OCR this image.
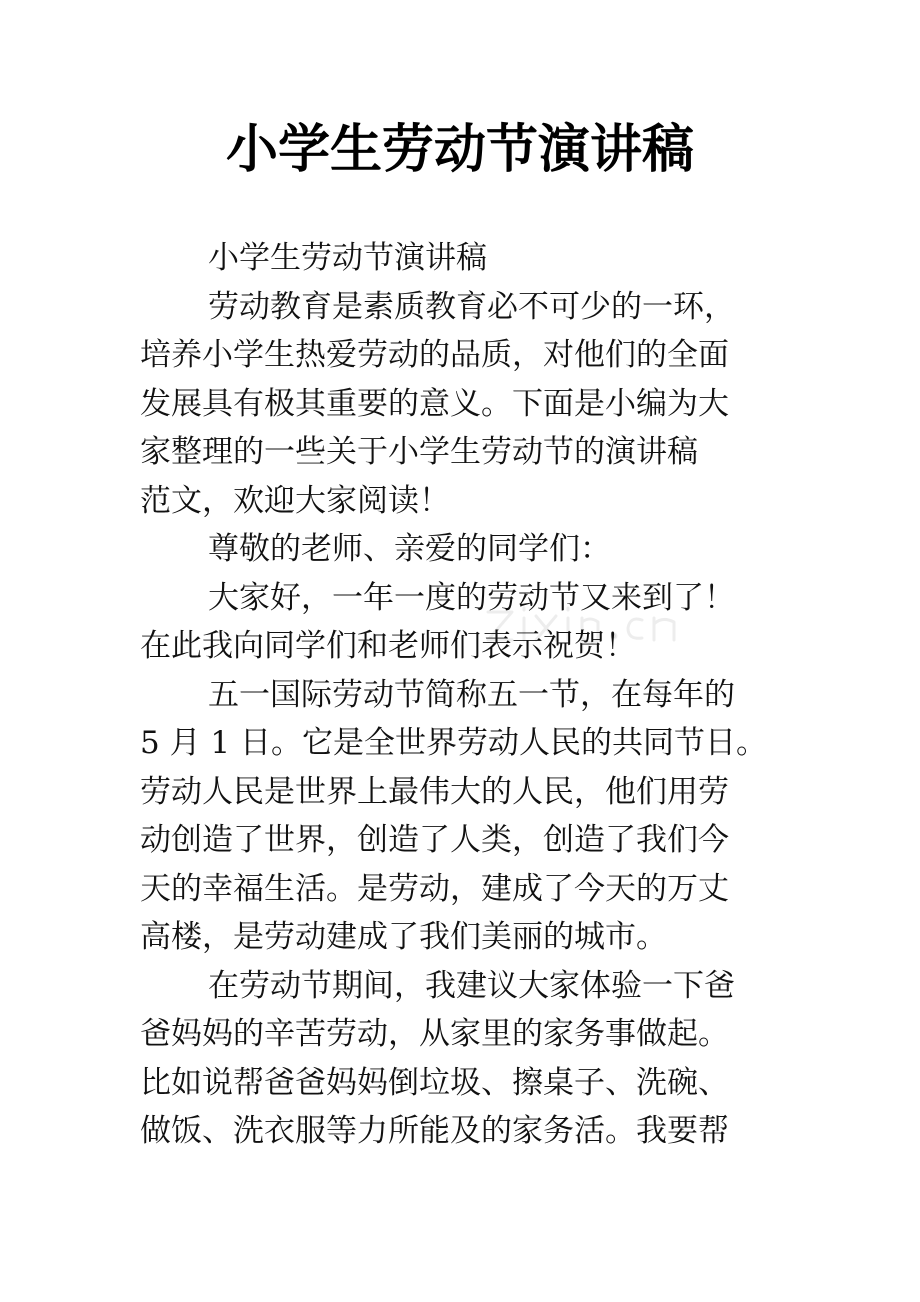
小学生劳动节演讲稿

小学生劳动节演讲稿

劳动教育是素质教育必不可少的一环，

培养小学生热爱劳动的品质，对他们的全面

发展具有极其重要的意义。下面是小编为大

家整理的一些关于小学生劳动节的演讲稿

范文，欢迎大家阅读！

尊敬的老师、亲爱的同学们：

大家好，一年一度的劳动节又来到了！

在此我向同学们和老师们表示祝贺！

五一国际劳动节简称五一节，在每年的

5 月 1 日。它是全世界劳动人民的共同节日。

劳动人民是世界上最伟大的人民，他们用劳

动创造了世界，创造了人类，创造了我们今

天的幸福生活。是劳动，建成了今天的万丈

高楼，是劳动建成了我们美丽的城市。

在劳动节期间，我建议大家体验一下爸

爸妈妈的辛苦劳动，从家里的家务事做起。

比如说帮爸爸妈妈倒垃圾、擦桌子、洗碗、

做饭、洗衣服等力所能及的家务活。我要帮
